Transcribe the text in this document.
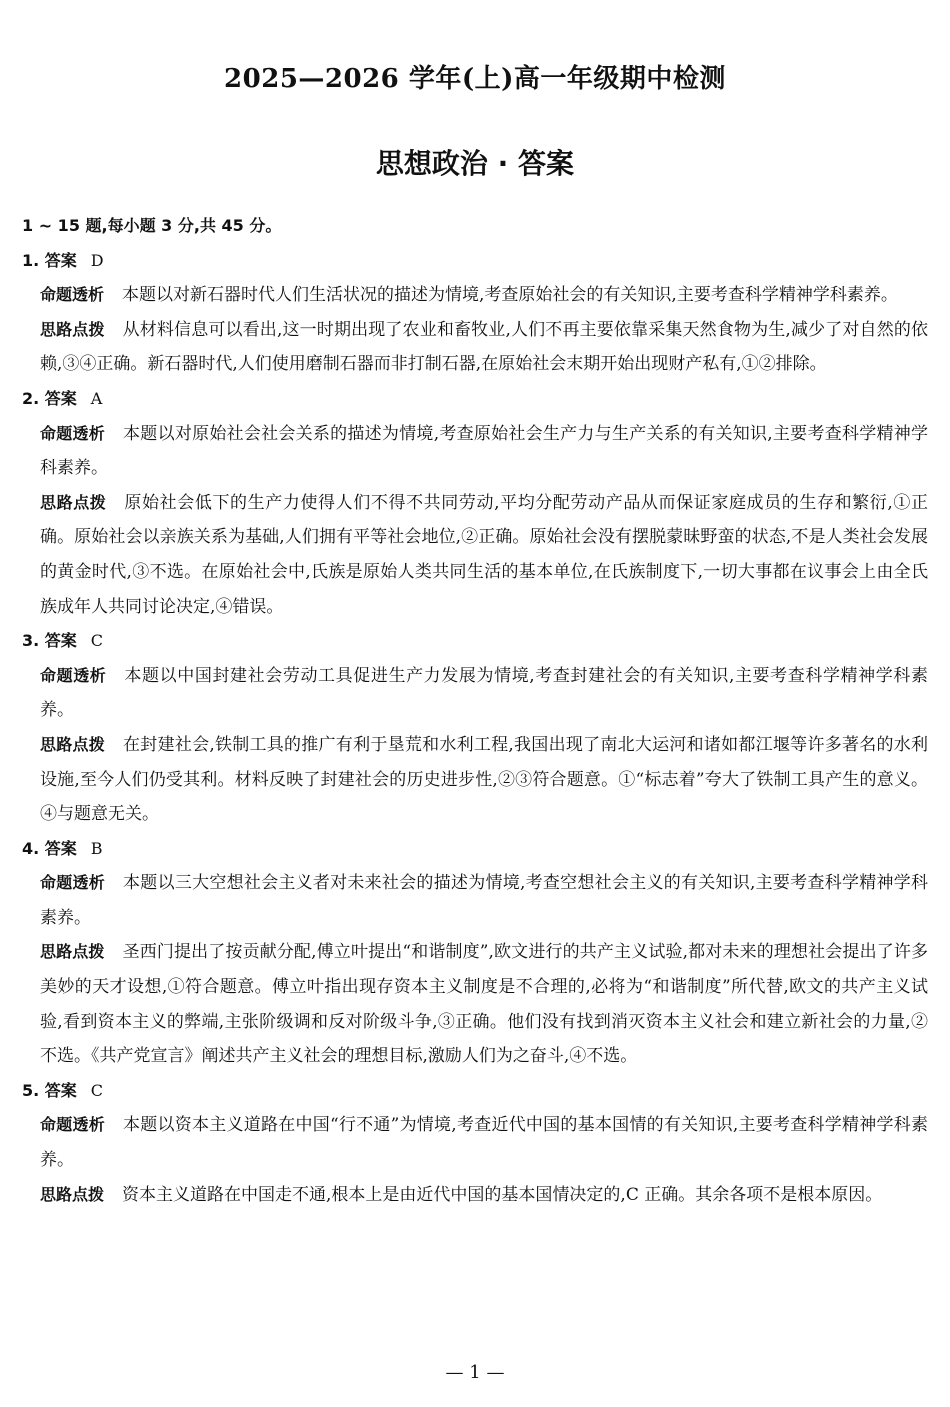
2025—2026 学年(上)高一年级期中检测
思想政治 · 答案
1 ~ 15 题,每小题 3 分,共 45 分。
1. 答案 D
命题透析 本题以对新石器时代人们生活状况的描述为情境,考查原始社会的有关知识,主要考查科学精神学科素养。
思路点拨 从材料信息可以看出,这一时期出现了农业和畜牧业,人们不再主要依靠采集天然食物为生,减少了对自然的依赖,③④正确。新石器时代,人们使用磨制石器而非打制石器,在原始社会末期开始出现财产私有,①②排除。
2. 答案 A
命题透析 本题以对原始社会社会关系的描述为情境,考查原始社会生产力与生产关系的有关知识,主要考查科学精神学科素养。
思路点拨 原始社会低下的生产力使得人们不得不共同劳动,平均分配劳动产品从而保证家庭成员的生存和繁衍,①正确。原始社会以亲族关系为基础,人们拥有平等社会地位,②正确。原始社会没有摆脱蒙昧野蛮的状态,不是人类社会发展的黄金时代,③不选。在原始社会中,氏族是原始人类共同生活的基本单位,在氏族制度下,一切大事都在议事会上由全氏族成年人共同讨论决定,④错误。
3. 答案 C
命题透析 本题以中国封建社会劳动工具促进生产力发展为情境,考查封建社会的有关知识,主要考查科学精神学科素养。
思路点拨 在封建社会,铁制工具的推广有利于垦荒和水利工程,我国出现了南北大运河和诸如都江堰等许多著名的水利设施,至今人们仍受其利。材料反映了封建社会的历史进步性,②③符合题意。①“标志着”夸大了铁制工具产生的意义。④与题意无关。
4. 答案 B
命题透析 本题以三大空想社会主义者对未来社会的描述为情境,考查空想社会主义的有关知识,主要考查科学精神学科素养。
思路点拨 圣西门提出了按贡献分配,傅立叶提出“和谐制度”,欧文进行的共产主义试验,都对未来的理想社会提出了许多美妙的天才设想,①符合题意。傅立叶指出现存资本主义制度是不合理的,必将为“和谐制度”所代替,欧文的共产主义试验,看到资本主义的弊端,主张阶级调和反对阶级斗争,③正确。他们没有找到消灭资本主义社会和建立新社会的力量,②不选。《共产党宣言》阐述共产主义社会的理想目标,激励人们为之奋斗,④不选。
5. 答案 C
命题透析 本题以资本主义道路在中国“行不通”为情境,考查近代中国的基本国情的有关知识,主要考查科学精神学科素养。
思路点拨 资本主义道路在中国走不通,根本上是由近代中国的基本国情决定的,C 正确。其余各项不是根本原因。
— 1 —
